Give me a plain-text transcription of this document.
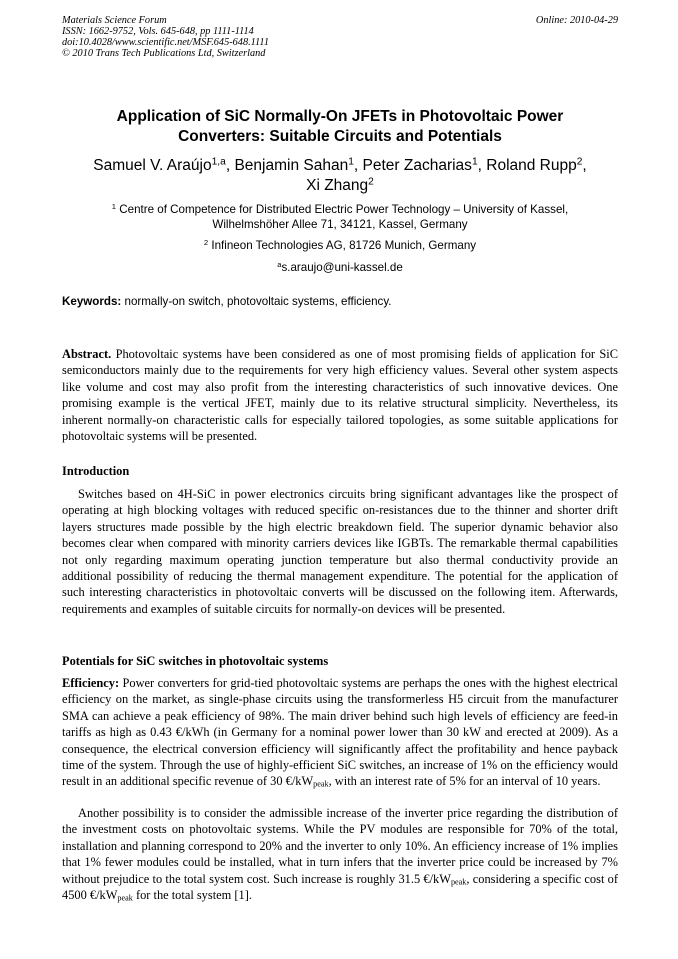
Materials Science Forum
ISSN: 1662-9752, Vols. 645-648, pp 1111-1114
doi:10.4028/www.scientific.net/MSF.645-648.1111
© 2010 Trans Tech Publications Ltd, Switzerland
Online: 2010-04-29
Application of SiC Normally-On JFETs in Photovoltaic Power
Converters: Suitable Circuits and Potentials
Samuel V. Araújo$^{1,a}$, Benjamin Sahan$^1$, Peter Zacharias$^1$, Roland Rupp$^2$,
Xi Zhang$^2$
$^1$ Centre of Competence for Distributed Electric Power Technology – University of Kassel,
Wilhelmshöher Allee 71, 34121, Kassel, Germany
$^2$ Infineon Technologies AG, 81726 Munich, Germany
$^a$s.araujo@uni-kassel.de
Keywords: normally-on switch, photovoltaic systems, efficiency.

Abstract. Photovoltaic systems have been considered as one of most promising fields of application for SiC semiconductors mainly due to the requirements for very high efficiency values. Several other system aspects like volume and cost may also profit from the interesting characteristics of such innovative devices. One promising example is the vertical JFET, mainly due to its relative structural simplicity. Nevertheless, its inherent normally-on characteristic calls for especially tailored topologies, as some suitable applications for photovoltaic systems will be presented.

Introduction

Switches based on 4H-SiC in power electronics circuits bring significant advantages like the prospect of operating at high blocking voltages with reduced specific on-resistances due to the thinner and shorter drift layers structures made possible by the high electric breakdown field. The superior dynamic behavior also becomes clear when compared with minority carriers devices like IGBTs. The remarkable thermal capabilities not only regarding maximum operating junction temperature but also thermal conductivity provide an additional possibility of reducing the thermal management expenditure. The potential for the application of such interesting characteristics in photovoltaic converts will be discussed on the following item. Afterwards, requirements and examples of suitable circuits for normally-on devices will be presented.

Potentials for SiC switches in photovoltaic systems

Efficiency: Power converters for grid-tied photovoltaic systems are perhaps the ones with the highest electrical efficiency on the market, as single-phase circuits using the transformerless H5 circuit from the manufacturer SMA can achieve a peak efficiency of 98%. The main driver behind such high levels of efficiency are feed-in tariffs as high as 0.43 €/kWh (in Germany for a nominal power lower than 30 kW and erected at 2009). As a consequence, the electrical conversion efficiency will significantly affect the profitability and hence payback time of the system. Through the use of highly-efficient SiC switches, an increase of 1% on the efficiency would result in an additional specific revenue of 30 $€/kW_{peak}$, with an interest rate of 5% for an interval of 10 years.

Another possibility is to consider the admissible increase of the inverter price regarding the distribution of the investment costs on photovoltaic systems. While the PV modules are responsible for 70% of the total, installation and planning correspond to 20% and the inverter to only 10%. An efficiency increase of 1% implies that 1% fewer modules could be installed, what in turn infers that the inverter price could be increased by 7% without prejudice to the total system cost. Such increase is roughly 31.5 $€/kW_{peak}$, considering a specific cost of 4500 $€/kW_{peak}$ for the total system [1].
